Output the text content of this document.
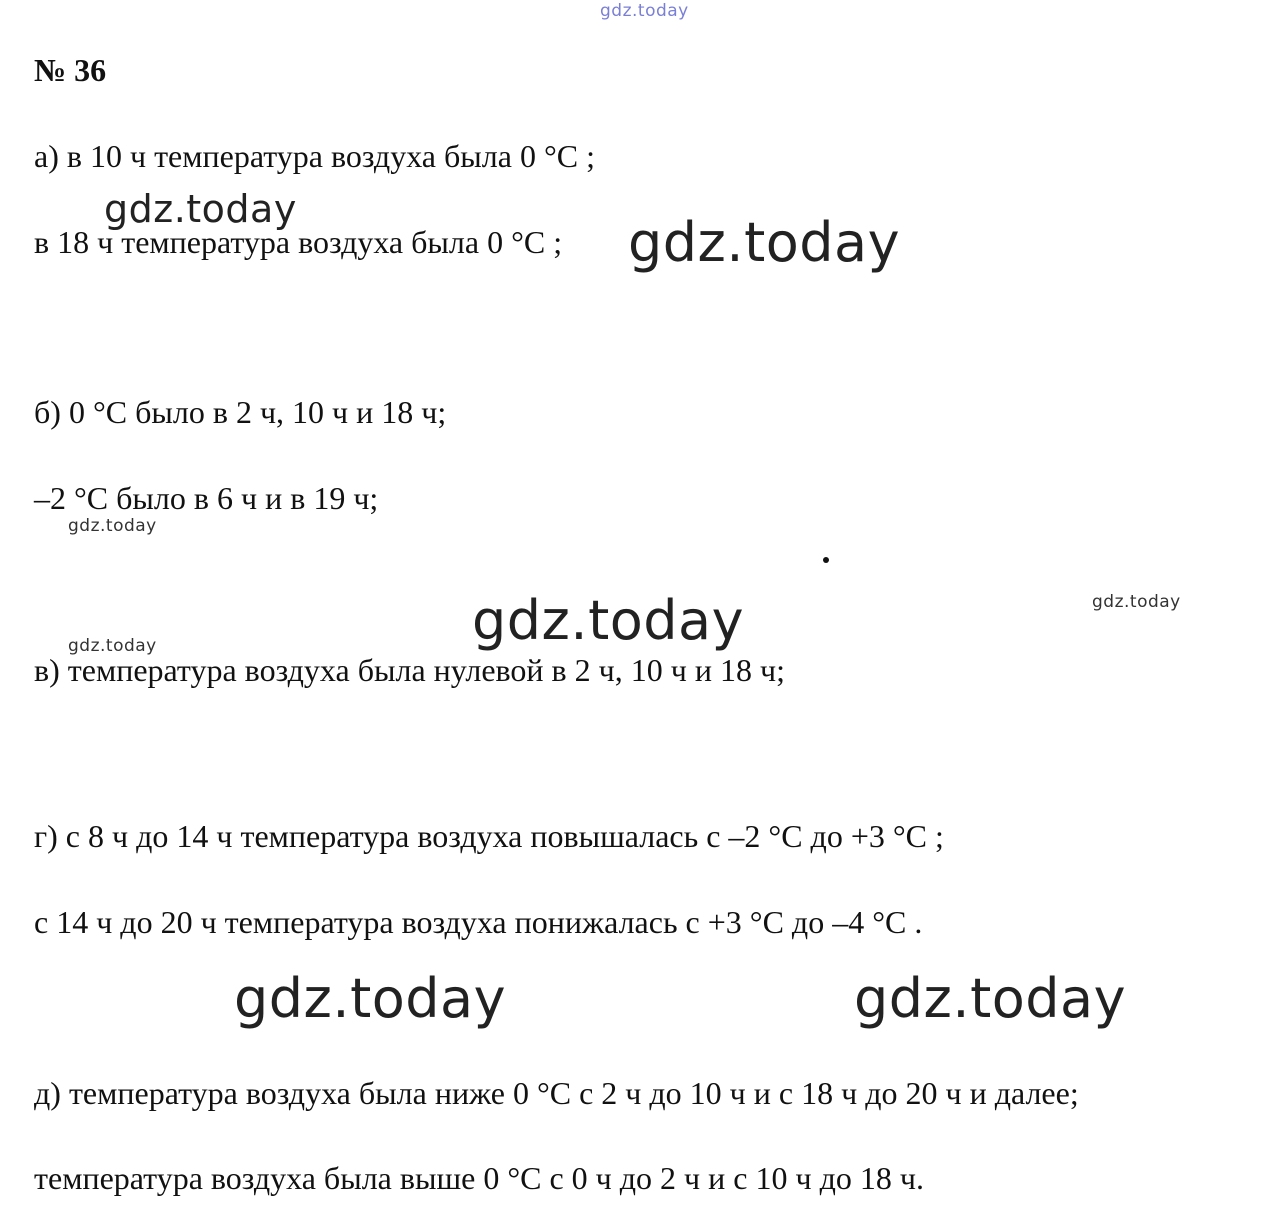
gdz.today
№ 36
а) в 10 ч температура воздуха была 0 °C ;
gdz.today
в 18 ч температура воздуха была 0 °C ; gdz.today
б) 0 °C было в 2 ч, 10 ч и 18 ч;
–2 °C было в 6 ч и в 19 ч;
gdz.today
gdz.today	gdz.today
gdz.today
в) температура воздуха была нулевой в 2 ч, 10 ч и 18 ч;
г) с 8 ч до 14 ч температура воздуха повышалась с –2 °C до +3 °C ;
с 14 ч до 20 ч температура воздуха понижалась с +3 °C до –4 °C .
gdz.today	gdz.today
д) температура воздуха была ниже 0 °C с 2 ч до 10 ч и с 18 ч до 20 ч и далее;
температура воздуха была выше 0 °C с 0 ч до 2 ч и с 10 ч до 18 ч.
